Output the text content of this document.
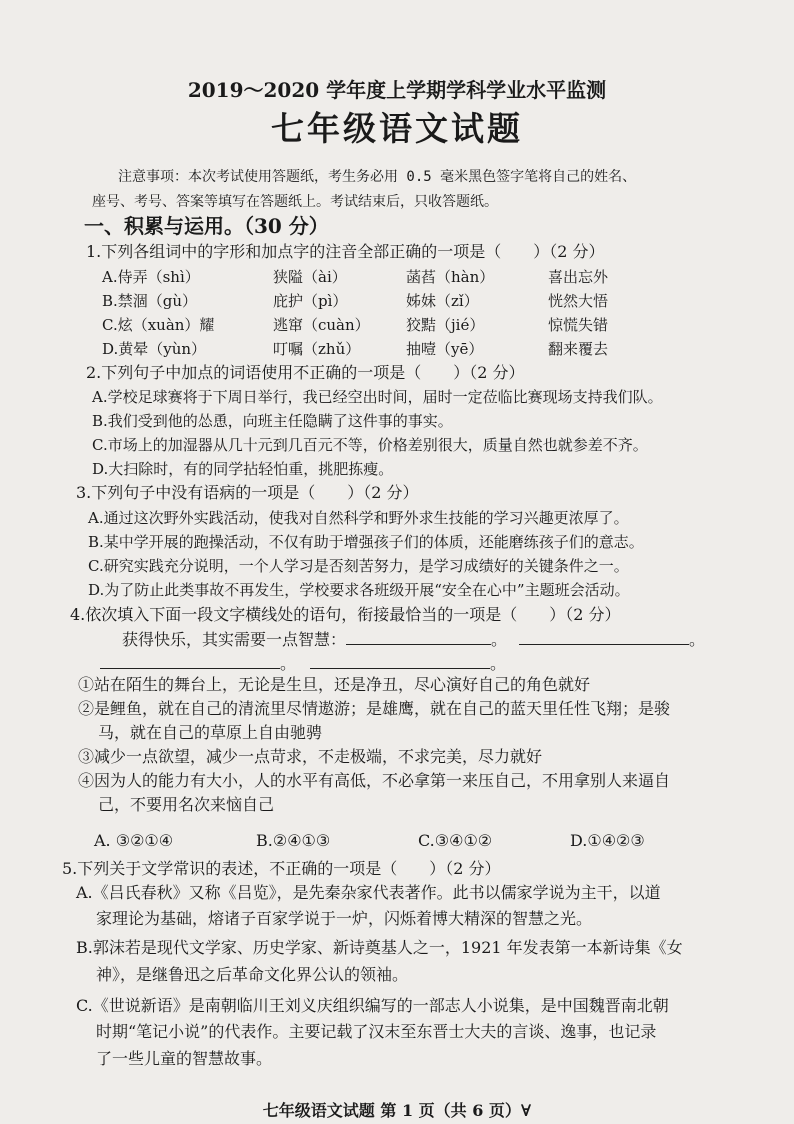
2019～2020 学年度上学期学科学业水平监测
七年级语文试题
注意事项：本次考试使用答题纸，考生务必用 0.5 毫米黑色签字笔将自己的姓名、
座号、考号、答案等填写在答题纸上。考试结束后，只收答题纸。
一、积累与运用。（30 分）
1.下列各组词中的字形和加点字的注音全部正确的一项是（　　）（2 分）
A.侍弄（shì）	狭隘（ài）	菡萏（hàn）	喜出忘外
B.禁涸（gù）	庇护（pì）	姊妹（zǐ）	恍然大悟
C.炫（xuàn）耀	逃窜（cuàn） 狡黠（jié）	惊慌失错
D.黄晕（yùn）	叮嘱（zhǔ）	抽噎（yē）	翻来覆去
2.下列句子中加点的词语使用不正确的一项是（　　）（2 分）
A.学校足球赛将于下周日举行，我已经空出时间，届时一定莅临比赛现场支持我们队。
B.我们受到他的怂恿，向班主任隐瞒了这件事的事实。
C.市场上的加湿器从几十元到几百元不等，价格差别很大，质量自然也就参差不齐。
D.大扫除时，有的同学拈轻怕重，挑肥拣瘦。
3.下列句子中没有语病的一项是（　　）（2 分）
A.通过这次野外实践活动，使我对自然科学和野外求生技能的学习兴趣更浓厚了。
B.某中学开展的跑操活动，不仅有助于增强孩子们的体质，还能磨练孩子们的意志。
C.研究实践充分说明，一个人学习是否刻苦努力，是学习成绩好的关键条件之一。
D.为了防止此类事故不再发生，学校要求各班级开展“安全在心中”主题班会活动。
4.依次填入下面一段文字横线处的语句，衔接最恰当的一项是（　　）（2 分）
获得快乐，其实需要一点智慧：	。	。
。	。
①站在陌生的舞台上，无论是生旦，还是净丑，尽心演好自己的角色就好
②是鲤鱼，就在自己的清流里尽情遨游；是雄鹰，就在自己的蓝天里任性飞翔；是骏
马，就在自己的草原上自由驰骋
③减少一点欲望，减少一点苛求，不走极端，不求完美，尽力就好
④因为人的能力有大小，人的水平有高低，不必拿第一来压自己，不用拿别人来逼自
己，不要用名次来恼自己
A. ③②①④	B.②④①③	C.③④①②	D.①④②③
5.下列关于文学常识的表述，不正确的一项是（　　）（2 分）
A.《吕氏春秋》又称《吕览》，是先秦杂家代表著作。此书以儒家学说为主干，以道
家理论为基础，熔诸子百家学说于一炉，闪烁着博大精深的智慧之光。
B.郭沫若是现代文学家、历史学家、新诗奠基人之一，1921 年发表第一本新诗集《女
神》，是继鲁迅之后革命文化界公认的领袖。
C.《世说新语》是南朝临川王刘义庆组织编写的一部志人小说集，是中国魏晋南北朝
时期“笔记小说”的代表作。主要记载了汉末至东晋士大夫的言谈、逸事，也记录
了一些儿童的智慧故事。
七年级语文试题 第 1 页（共 6 页）∀
